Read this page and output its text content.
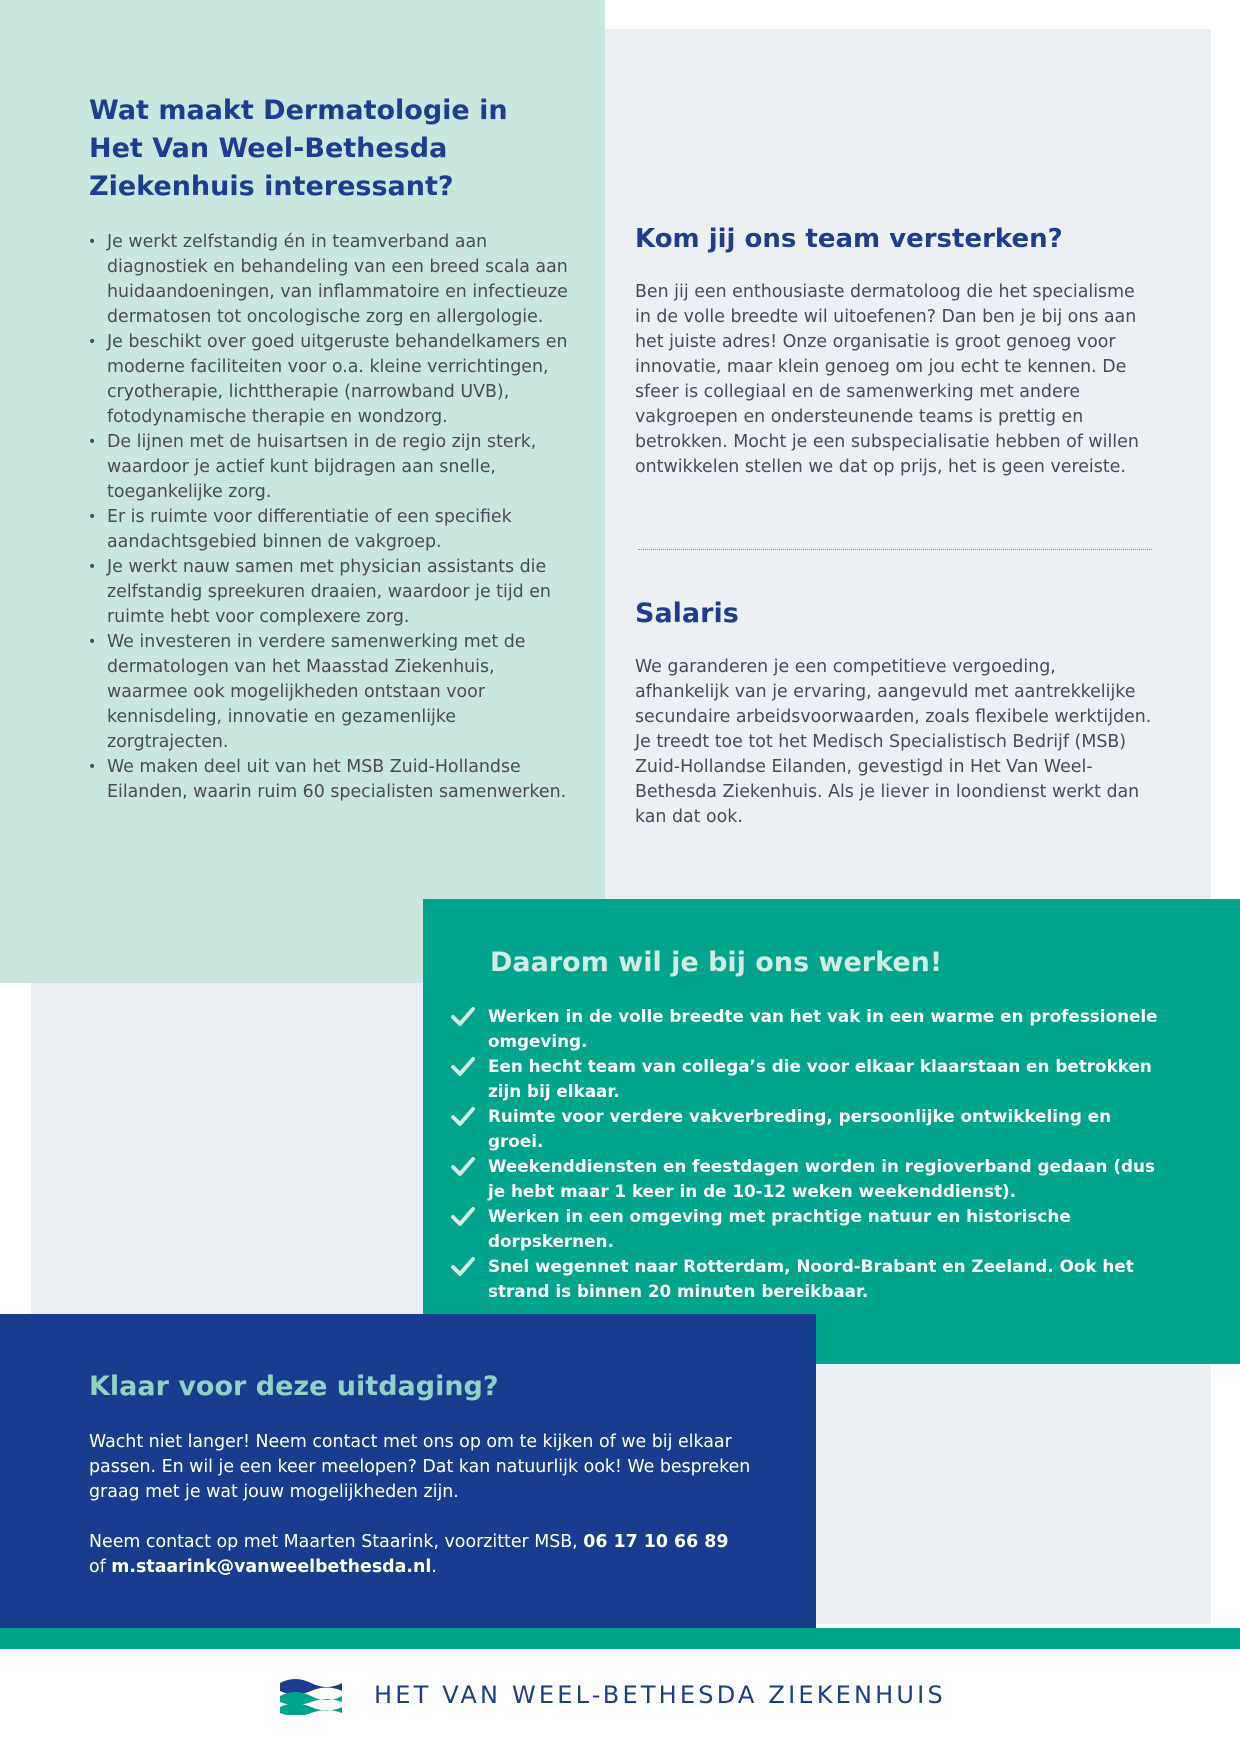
Wat maakt Dermatologie in Het Van Weel-Bethesda Ziekenhuis interessant?
• Je werkt zelfstandig én in teamverband aan diagnostiek en behandeling van een breed scala aan huidaandoeningen, van inflammatoire en infectieuze dermatosen tot oncologische zorg en allergologie.
• Je beschikt over goed uitgeruste behandelkamers en moderne faciliteiten voor o.a. kleine verrichtingen, cryotherapie, lichttherapie (narrowband UVB), fotodynamische therapie en wondzorg.
• De lijnen met de huisartsen in de regio zijn sterk, waardoor je actief kunt bijdragen aan snelle, toegankelijke zorg.
• Er is ruimte voor differentiatie of een specifiek aandachtsgebied binnen de vakgroep.
• Je werkt nauw samen met physician assistants die zelfstandig spreekuren draaien, waardoor je tijd en ruimte hebt voor complexere zorg.
• We investeren in verdere samenwerking met de dermatologen van het Maasstad Ziekenhuis, waarmee ook mogelijkheden ontstaan voor kennisdeling, innovatie en gezamenlijke zorgtrajecten.
• We maken deel uit van het MSB Zuid-Hollandse Eilanden, waarin ruim 60 specialisten samenwerken.
Kom jij ons team versterken?

Ben jij een enthousiaste dermatoloog die het specialisme in de volle breedte wil uitoefenen? Dan ben je bij ons aan het juiste adres! Onze organisatie is groot genoeg voor innovatie, maar klein genoeg om jou echt te kennen. De sfeer is collegiaal en de samenwerking met andere vakgroepen en ondersteunende teams is prettig en betrokken. Mocht je een subspecialisatie hebben of willen ontwikkelen stellen we dat op prijs, het is geen vereiste.

Salaris

We garanderen je een competitieve vergoeding, afhankelijk van je ervaring, aangevuld met aantrekkelijke secundaire arbeidsvoorwaarden, zoals flexibele werktijden. Je treedt toe tot het Medisch Specialistisch Bedrijf (MSB) Zuid-Hollandse Eilanden, gevestigd in Het Van Weel-Bethesda Ziekenhuis. Als je liever in loondienst werkt dan kan dat ook.

Daarom wil je bij ons werken!
Werken in de volle breedte van het vak in een warme en professionele omgeving.
Een hecht team van collega’s die voor elkaar klaarstaan en betrokken zijn bij elkaar.
Ruimte voor verdere vakverbreding, persoonlijke ontwikkeling en groei.
Weekenddiensten en feestdagen worden in regioverband gedaan (dus je hebt maar 1 keer in de 10-12 weken weekenddienst).
Werken in een omgeving met prachtige natuur en historische dorpskernen.
Snel wegennet naar Rotterdam, Noord-Brabant en Zeeland. Ook het strand is binnen 20 minuten bereikbaar.
Klaar voor deze uitdaging?

Wacht niet langer! Neem contact met ons op om te kijken of we bij elkaar passen. En wil je een keer meelopen? Dat kan natuurlijk ook! We bespreken graag met je wat jouw mogelijkheden zijn.

Neem contact op met Maarten Staarink, voorzitter MSB, 06 17 10 66 89
of m.staarink@vanweelbethesda.nl.

HET VAN WEEL-BETHESDA ZIEKENHUIS
